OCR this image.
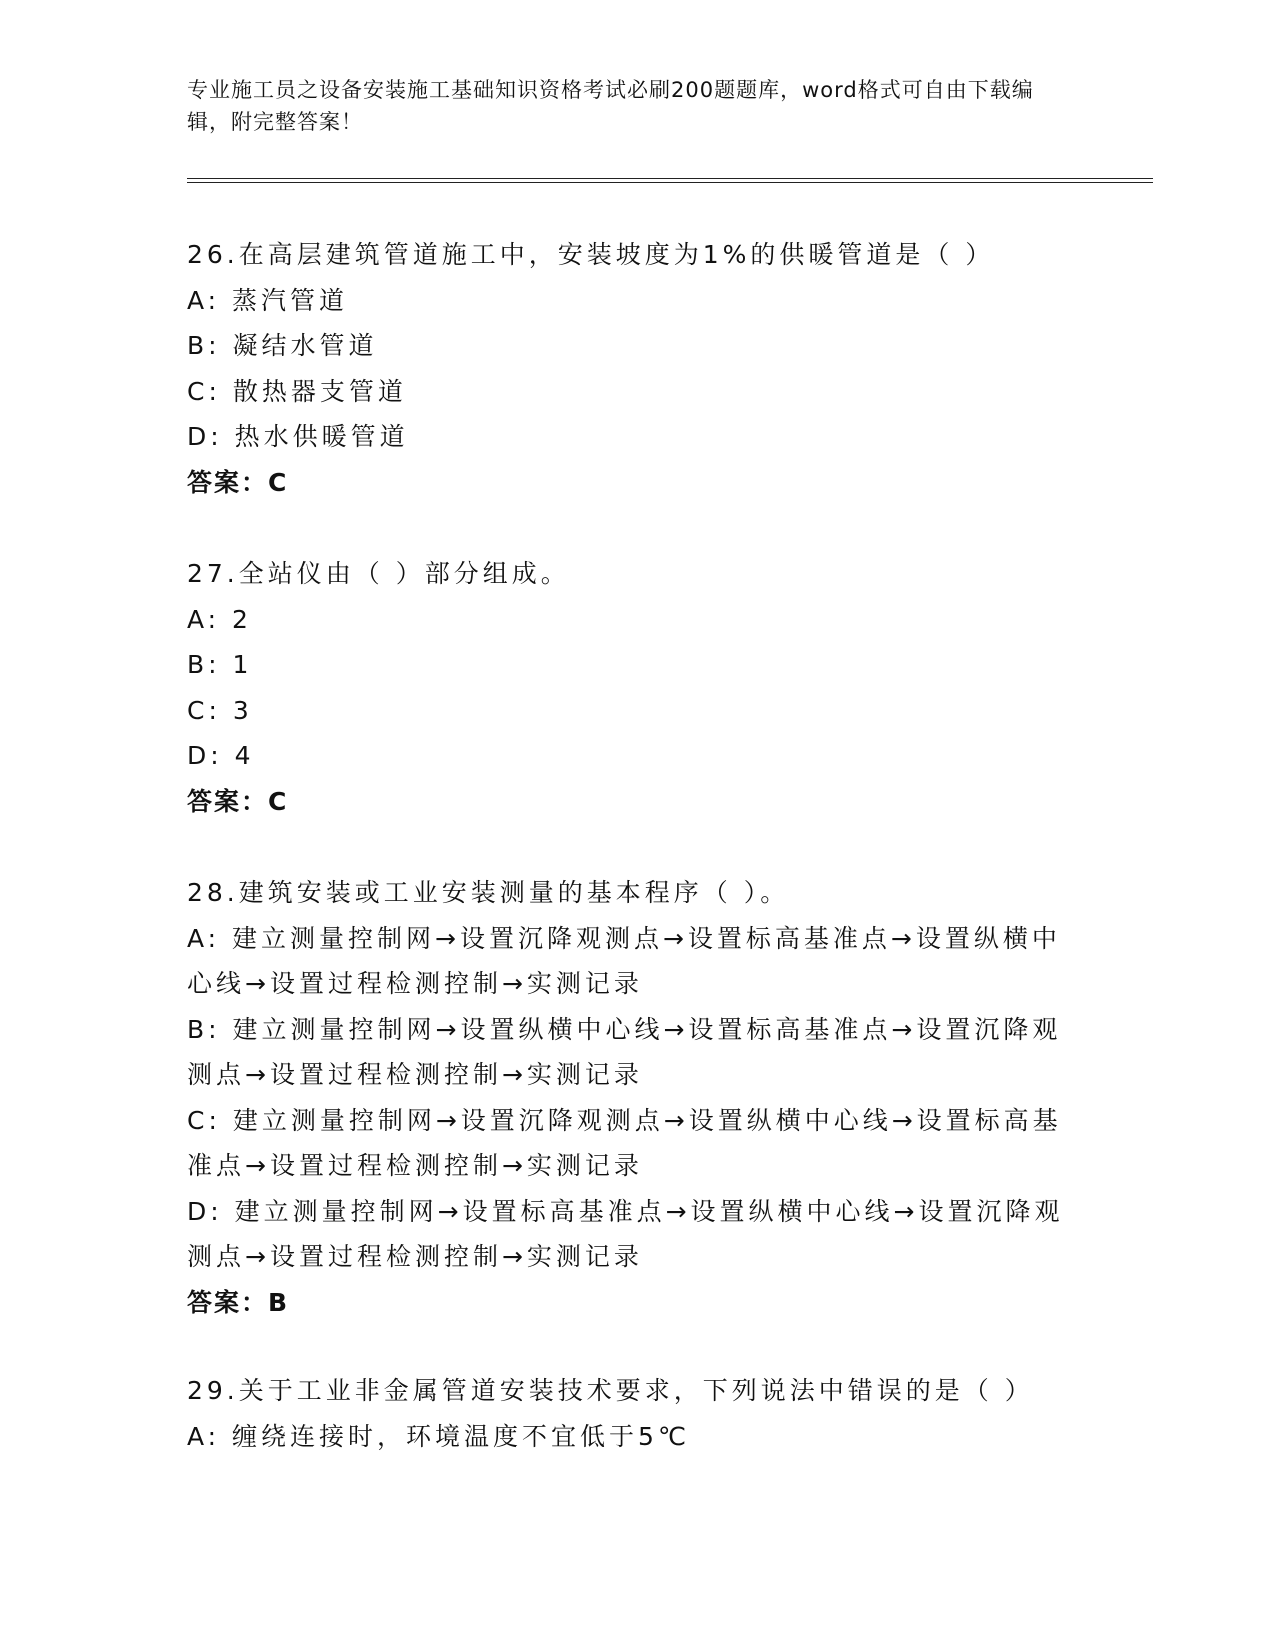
专业施工员之设备安装施工基础知识资格考试必刷200题题库，word格式可自由下载编辑，附完整答案！

26.在高层建筑管道施工中，安装坡度为1%的供暖管道是（ ）
A: 蒸汽管道
B: 凝结水管道
C: 散热器支管道
D: 热水供暖管道
答案：C
27.全站仪由（ ）部分组成。
A: 2
B: 1
C: 3
D: 4
答案：C
28.建筑安装或工业安装测量的基本程序（ ）。
A: 建立测量控制网→设置沉降观测点→设置标高基准点→设置纵横中心线→设置过程检测控制→实测记录
B: 建立测量控制网→设置纵横中心线→设置标高基准点→设置沉降观测点→设置过程检测控制→实测记录
C: 建立测量控制网→设置沉降观测点→设置纵横中心线→设置标高基准点→设置过程检测控制→实测记录
D: 建立测量控制网→设置标高基准点→设置纵横中心线→设置沉降观测点→设置过程检测控制→实测记录
答案：B
29.关于工业非金属管道安装技术要求，下列说法中错误的是（ ）
A: 缠绕连接时，环境温度不宜低于5℃
